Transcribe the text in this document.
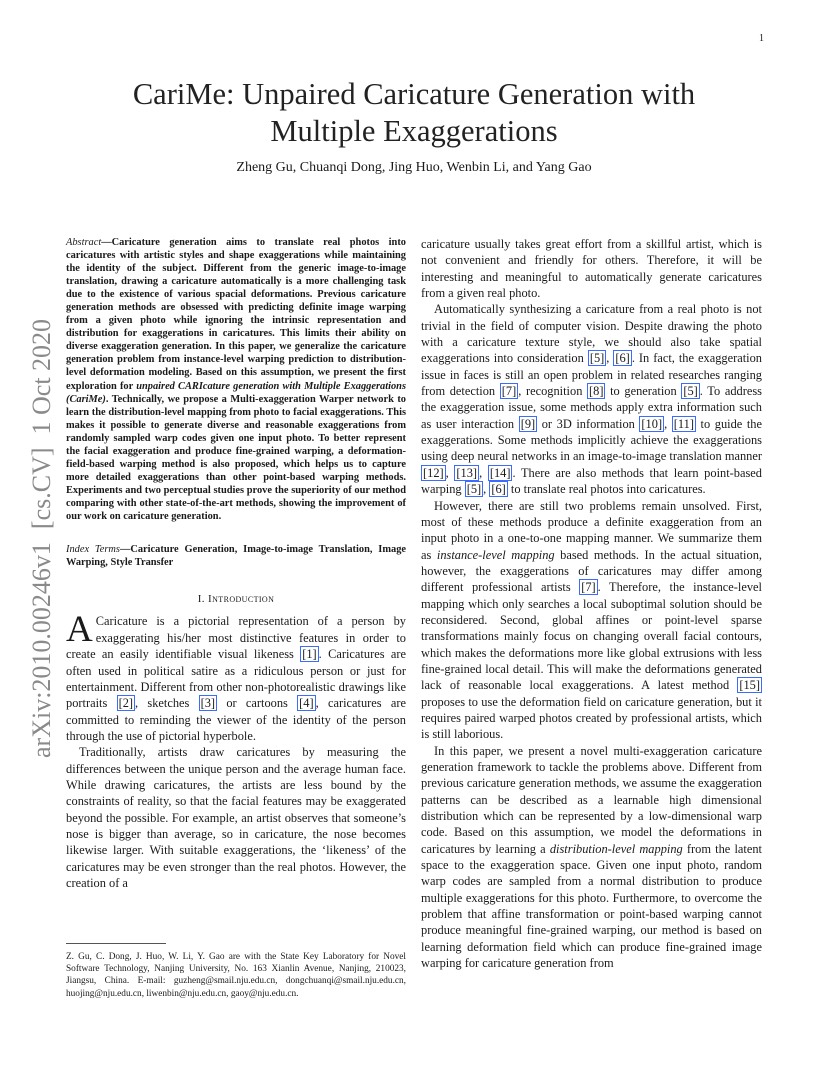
1
arXiv:2010.00246v1  [cs.CV]  1 Oct 2020
CariMe: Unpaired Caricature Generation with
Multiple Exaggerations
Zheng Gu, Chuanqi Dong, Jing Huo, Wenbin Li, and Yang Gao

Abstract—Caricature generation aims to translate real photos into caricatures with artistic styles and shape exaggerations while maintaining the identity of the subject. Different from the generic image-to-image translation, drawing a caricature automatically is a more challenging task due to the existence of various spacial deformations. Previous caricature generation methods are obsessed with predicting definite image warping from a given photo while ignoring the intrinsic representation and distribution for exaggerations in caricatures. This limits their ability on diverse exaggeration generation. In this paper, we generalize the caricature generation problem from instance-level warping prediction to distribution-level deformation modeling. Based on this assumption, we present the first exploration for unpaired CARIcature generation with Multiple Exaggerations (CariMe). Technically, we propose a Multi-exaggeration Warper network to learn the distribution-level mapping from photo to facial exaggerations. This makes it possible to generate diverse and reasonable exaggerations from randomly sampled warp codes given one input photo. To better represent the facial exaggeration and produce fine-grained warping, a deformation-field-based warping method is also proposed, which helps us to capture more detailed exaggerations than other point-based warping methods. Experiments and two perceptual studies prove the superiority of our method comparing with other state-of-the-art methods, showing the improvement of our work on caricature generation.

Index Terms—Caricature Generation, Image-to-image Translation, Image Warping, Style Transfer

I. Introduction

A Caricature is a pictorial representation of a person by exaggerating his/her most distinctive features in order to create an easily identifiable visual likeness [1] . Caricatures are often used in political satire as a ridiculous person or just for entertainment. Different from other non-photorealistic drawings like portraits [2] , sketches [3] or cartoons [4] , caricatures are committed to reminding the viewer of the identity of the person through the use of pictorial hyperbole.

Traditionally, artists draw caricatures by measuring the differences between the unique person and the average human face. While drawing caricatures, the artists are less bound by the constraints of reality, so that the facial features may be exaggerated beyond the possible. For example, an artist observes that someone’s nose is bigger than average, so in caricature, the nose becomes likewise larger. With suitable exaggerations, the ‘likeness’ of the caricatures may be even stronger than the real photos. However, the creation of a

Z. Gu, C. Dong, J. Huo, W. Li, Y. Gao are with the State Key Laboratory for Novel Software Technology, Nanjing University, No. 163 Xianlin Avenue, Nanjing, 210023, Jiangsu, China. E-mail: guzheng@smail.nju.edu.cn, dongchuanqi@smail.nju.edu.cn, huojing@nju.edu.cn, liwenbin@nju.edu.cn, gaoy@nju.edu.cn.

caricature usually takes great effort from a skillful artist, which is not convenient and friendly for others. Therefore, it will be interesting and meaningful to automatically generate caricatures from a given real photo.

Automatically synthesizing a caricature from a real photo is not trivial in the field of computer vision. Despite drawing the photo with a caricature texture style, we should also take spatial exaggerations into consideration [5] , [6] . In fact, the exaggeration issue in faces is still an open problem in related researches ranging from detection [7] , recognition [8] to generation [5] . To address the exaggeration issue, some methods apply extra information such as user interaction [9] or 3D information [10] , [11] to guide the exaggerations. Some methods implicitly achieve the exaggerations using deep neural networks in an image-to-image translation manner [12] , [13] , [14] . There are also methods that learn point-based warping [5] , [6] to translate real photos into caricatures.

However, there are still two problems remain unsolved. First, most of these methods produce a definite exaggeration from an input photo in a one-to-one mapping manner. We summarize them as instance-level mapping based methods. In the actual situation, however, the exaggerations of caricatures may differ among different professional artists [7] . Therefore, the instance-level mapping which only searches a local suboptimal solution should be reconsidered. Second, global affines or point-level sparse transformations mainly focus on changing overall facial contours, which makes the deformations more like global extrusions with less fine-grained local detail. This will make the deformations generated lack of reasonable local exaggerations. A latest method [15] proposes to use the deformation field on caricature generation, but it requires paired warped photos created by professional artists, which is still laborious.

In this paper, we present a novel multi-exaggeration caricature generation framework to tackle the problems above. Different from previous caricature generation methods, we assume the exaggeration patterns can be described as a learnable high dimensional distribution which can be represented by a low-dimensional warp code. Based on this assumption, we model the deformations in caricatures by learning a distribution-level mapping from the latent space to the exaggeration space. Given one input photo, random warp codes are sampled from a normal distribution to produce multiple exaggerations for this photo. Furthermore, to overcome the problem that affine transformation or point-based warping cannot produce meaningful fine-grained warping, our method is based on learning deformation field which can produce fine-grained image warping for caricature generation from
